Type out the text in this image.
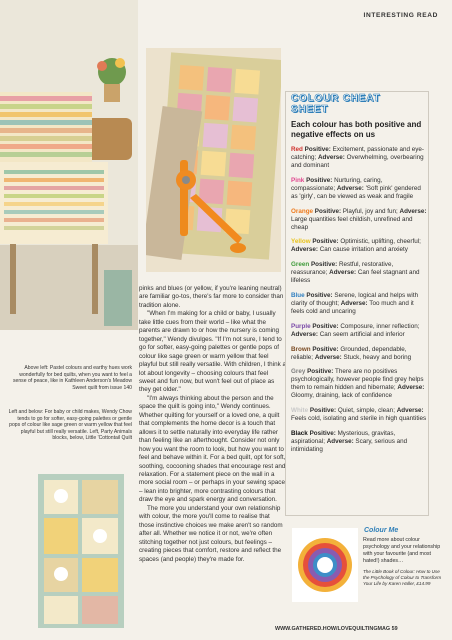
INTERESTING READ
Above left: Pastel colours and earthy hues work wonderfully for bed quilts, when you want to feel a sense of peace, like in Kathleen Anderson's Meadow Sweet quilt from issue 140
Left and below: For baby or child makes, Wendy Chow tends to go for softer, easy-going palettes or gentle pops of colour like sage green or warm yellow that feel playful but still really versatile. Left, Party Animals blocks, below, Little 'Cottontail Quilt

pinks and blues (or yellow, if you're leaning neutral) are familiar go-tos, there's far more to consider than tradition alone.

"When I'm making for a child or baby, I usually take little cues from their world – like what the parents are drawn to or how the nursery is coming together," Wendy divulges. "If I'm not sure, I tend to go for softer, easy-going palettes or gentle pops of colour like sage green or warm yellow that feel playful but still really versatile. With children, I think a lot about longevity – choosing colours that feel sweet and fun now, but won't feel out of place as they get older."

"I'm always thinking about the person and the space the quilt is going into," Wendy continues. Whether quilting for yourself or a loved one, a quilt that complements the home decor is a touch that allows it to settle naturally into everyday life rather than feeling like an afterthought. Consider not only how you want the room to look, but how you want to feel and behave within it. For a bed quilt, opt for soft, soothing, cocooning shades that encourage rest and relaxation. For a statement piece on the wall in a more social room – or perhaps in your sewing space – lean into brighter, more contrasting colours that draw the eye and spark energy and conversation.

The more you understand your own relationship with colour, the more you'll come to realise that those instinctive choices we make aren't so random after all. Whether we notice it or not, we're often stitching together not just colours, but feelings – creating pieces that comfort, restore and reflect the spaces (and people) they're made for.

COLOUR CHEAT
SHEET
Each colour has both positive and negative effects on us
Red Positive: Excitement, passionate and eye-catching; Adverse: Overwhelming, overbearing and dominant
Pink Positive: Nurturing, caring, compassionate; Adverse: 'Soft pink' gendered as 'girly', can be viewed as weak and fragile
Orange Positive: Playful, joy and fun; Adverse: Large quantities feel childish, unrefined and cheap
Yellow Positive: Optimistic, uplifting, cheerful; Adverse: Can cause irritation and anxiety
Green Positive: Restful, restorative, reassurance; Adverse: Can feel stagnant and lifeless
Blue Positive: Serene, logical and helps with clarity of thought; Adverse: Too much and it feels cold and uncaring
Purple Positive: Composure, inner reflection; Adverse: Can seem artificial and inferior
Brown Positive: Grounded, dependable, reliable; Adverse: Stuck, heavy and boring
Grey Positive: There are no positives psychologically, however people find grey helps them to remain hidden and hibernate; Adverse: Gloomy, draining, lack of confidence
White Positive: Quiet, simple, clean; Adverse: Feels cold, isolating and sterile in high quantities
Black Positive: Mysterious, gravitas, aspirational; Adverse: Scary, serious and intimidating
Colour Me
Read more about colour psychology and your relationship with your favourite (and most hated!) shades…
The Little Book of Colour: How to Use the Psychology of Colour to Transform Your Life by Karen Haller, £14.99
WWW.GATHERED.HOW/LOVEQUILTINGMAG 59
